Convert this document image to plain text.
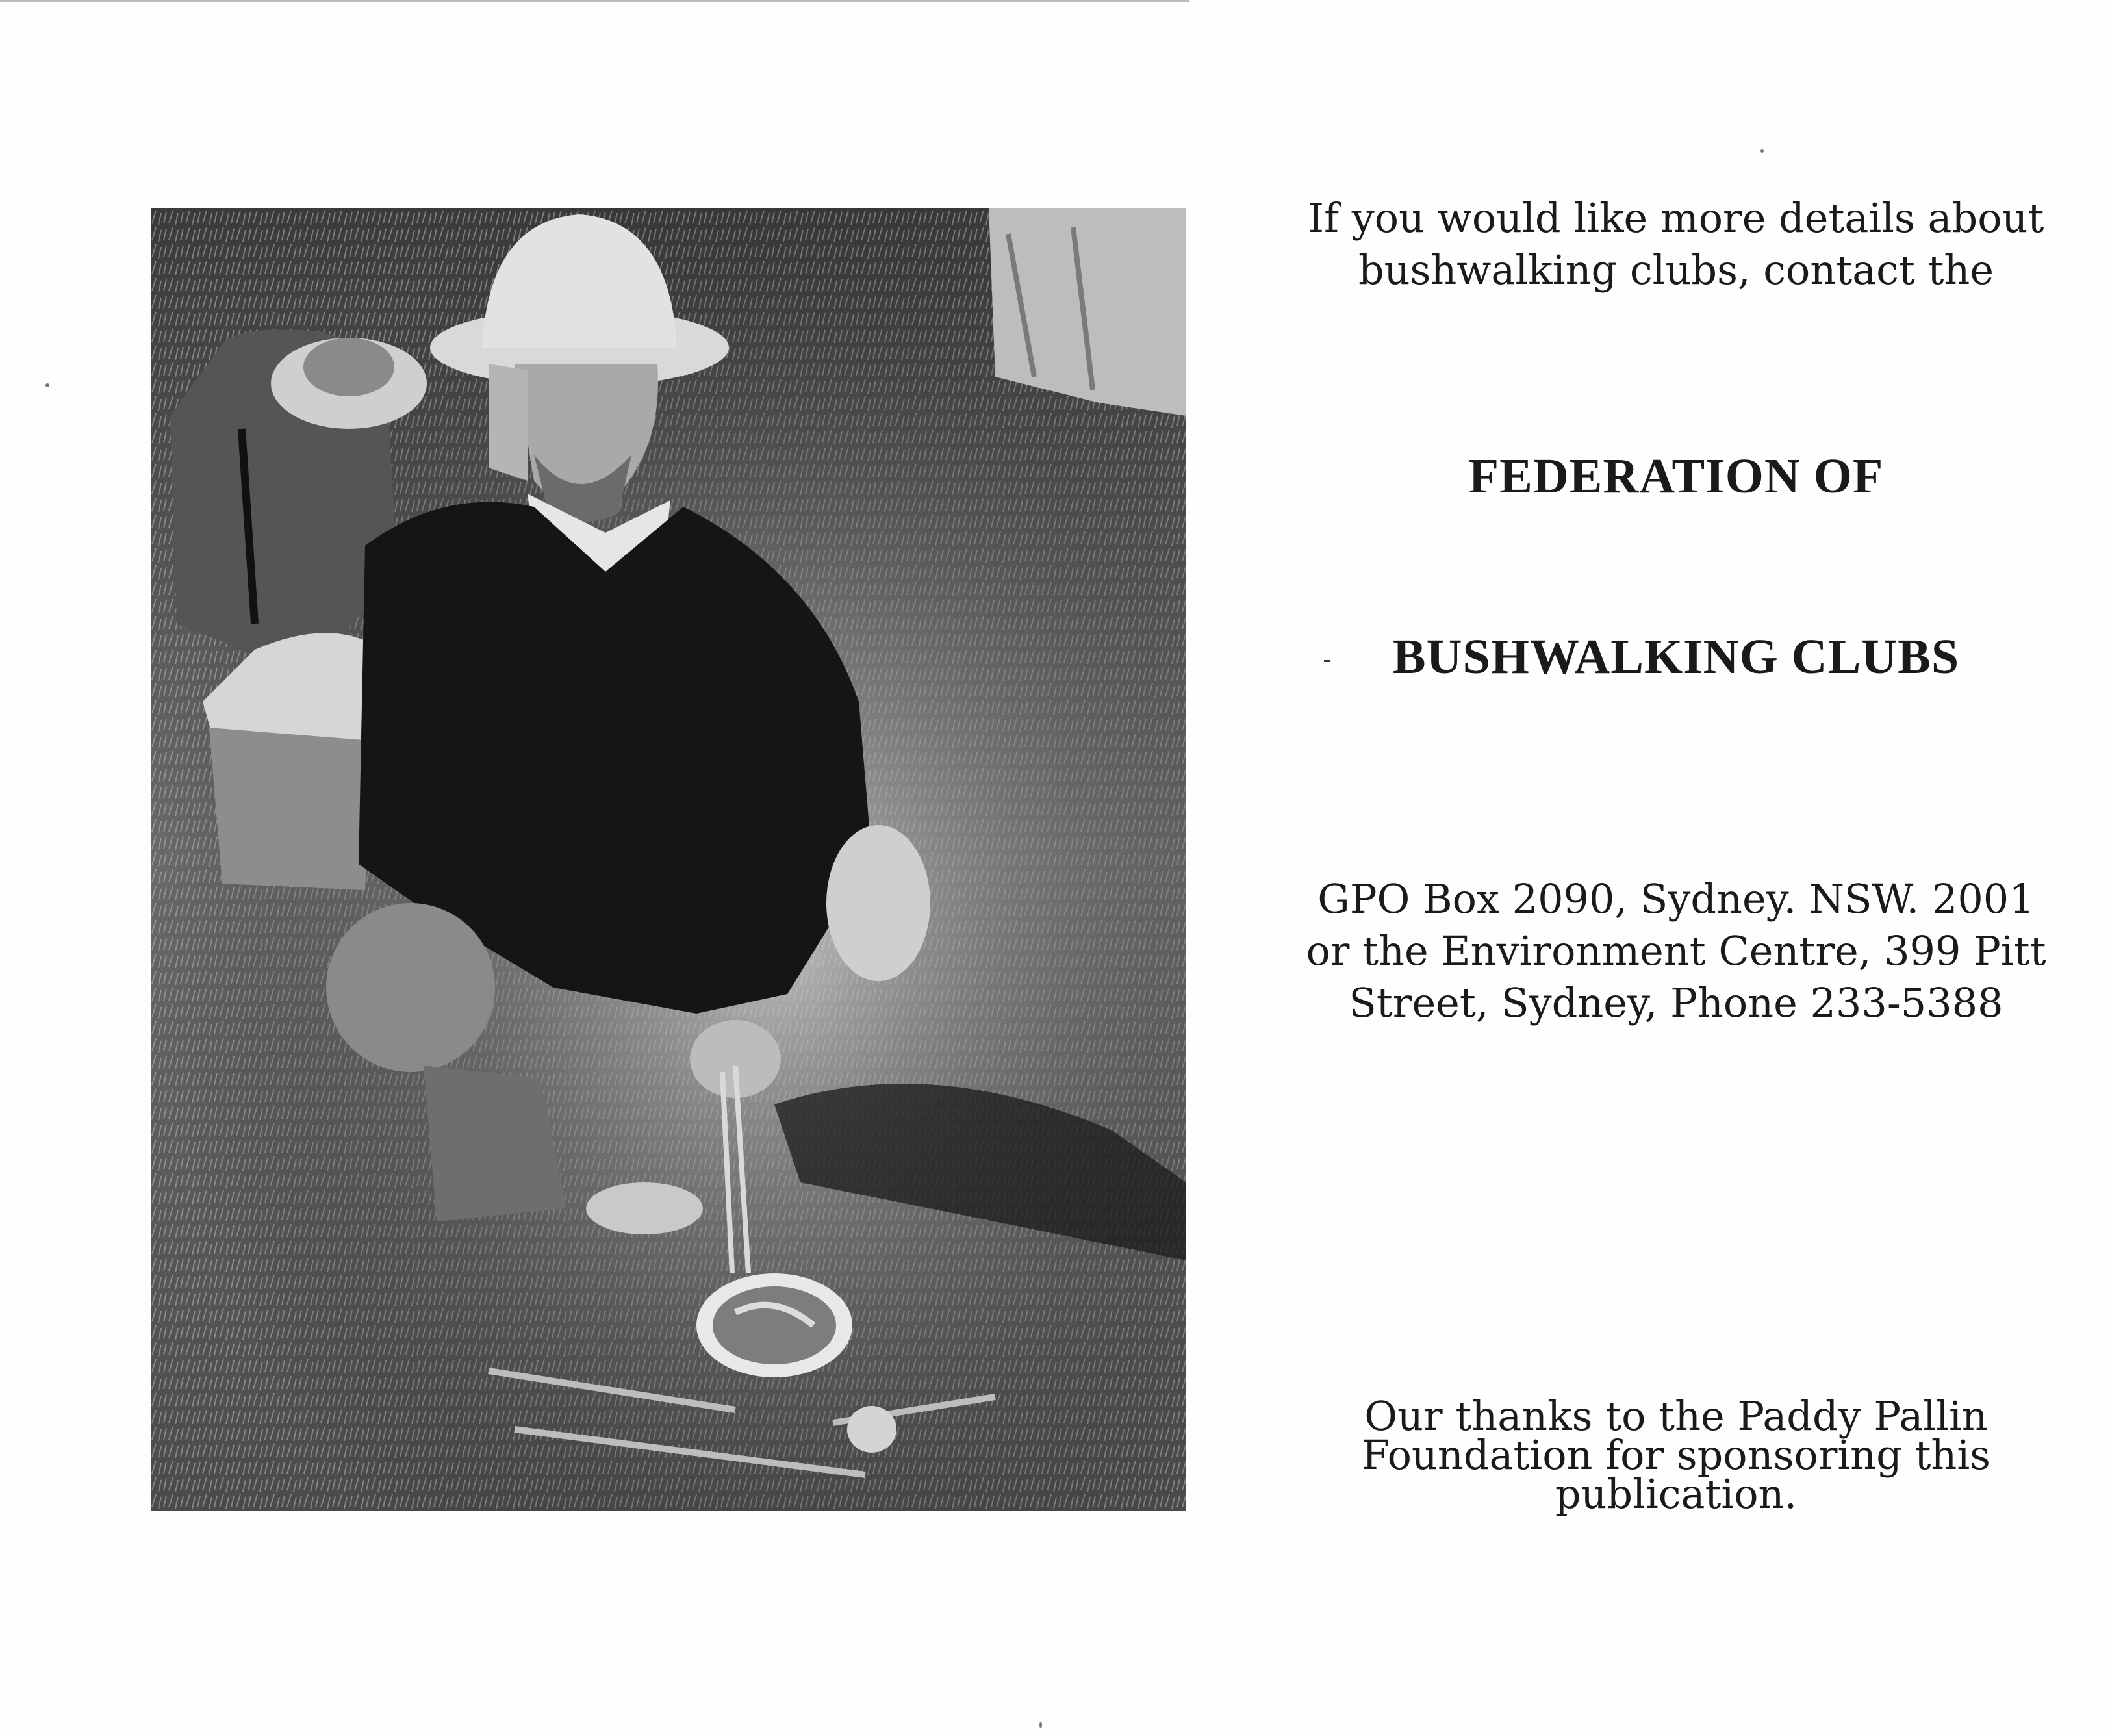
If you would like more details about
bushwalking clubs, contact the
FEDERATION OF
BUSHWALKING CLUBS
GPO Box 2090, Sydney. NSW. 2001
or the Environment Centre, 399 Pitt
Street, Sydney, Phone 233-5388
Our thanks to the Paddy Pallin
Foundation for sponsoring this
publication.
